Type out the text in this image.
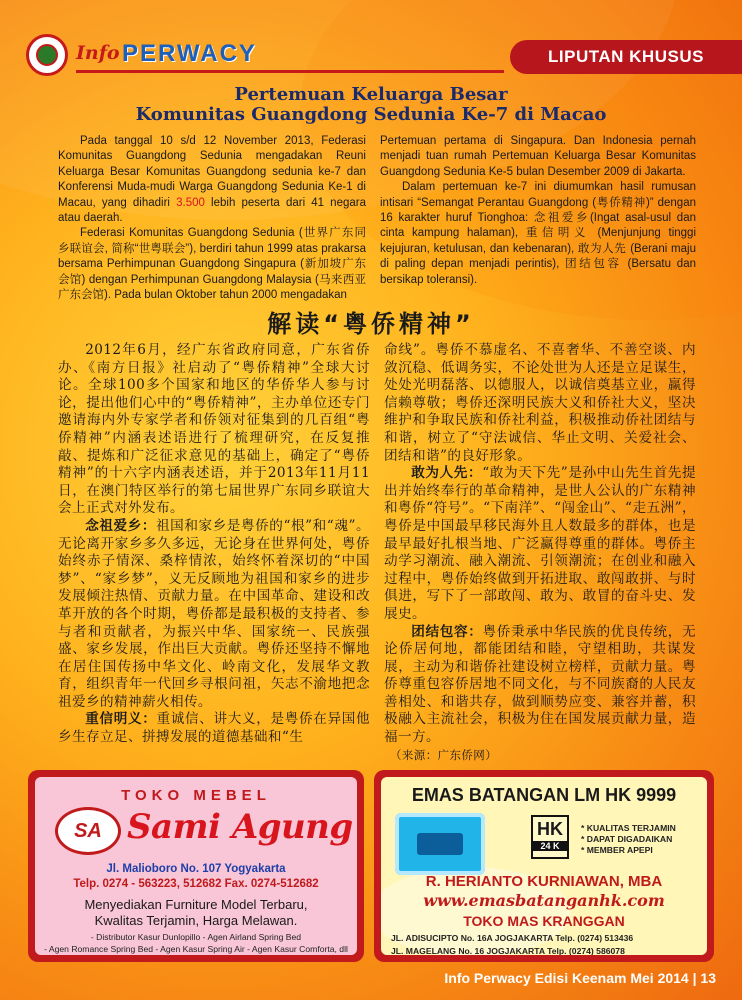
Info PERWACY	LIPUTAN KHUSUS
Pertemuan Keluarga Besar
Komunitas Guangdong Sedunia Ke-7 di Macao

Pada tanggal 10 s/d 12 November 2013, Federasi Komunitas Guangdong Sedunia mengadakan Reuni Keluarga Besar Komunitas Guangdong sedunia ke-7 dan Konferensi Muda-mudi Warga Guangdong Sedunia Ke-1 di Macau, yang dihadiri 3.500 lebih peserta dari 41 negara atau daerah.

Federasi Komunitas Guangdong Sedunia (世界广东同乡联谊会, 简称“世粤联会”), berdiri tahun 1999 atas prakarsa bersama Perhimpunan Guangdong Singapura (新加坡广东会馆) dengan Perhimpunan Guangdong Malaysia (马来西亚广东会馆). Pada bulan Oktober tahun 2000 mengadakan

Pertemuan pertama di Singapura. Dan Indonesia pernah menjadi tuan rumah Pertemuan Keluarga Besar Komunitas Guangdong Sedunia Ke-5 bulan Desember 2009 di Jakarta.

Dalam pertemuan ke-7 ini diumumkan hasil rumusan intisari “Semangat Perantau Guangdong (粤侨精神)” dengan 16 karakter huruf Tionghoa: 念祖爱乡(Ingat asal-usul dan cinta kampung halaman), 重信明义 (Menjunjung tinggi kejujuran, ketulusan, dan kebenaran), 敢为人先 (Berani maju di paling depan menjadi perintis), 团结包容 (Bersatu dan bersikap toleransi).

解读“粤侨精神”

2012年6月，经广东省政府同意，广东省侨办、《南方日报》社启动了“粤侨精神”全球大讨论。全球100多个国家和地区的华侨华人参与讨论，提出他们心中的“粤侨精神”，主办单位还专门邀请海内外专家学者和侨领对征集到的几百组“粤侨精神”内涵表述语进行了梳理研究，在反复推敲、提炼和广泛征求意见的基础上，确定了“粤侨精神”的十六字内涵表述语，并于2013年11月11日，在澳门特区举行的第七届世界广东同乡联谊大会上正式对外发布。

念祖爱乡：祖国和家乡是粤侨的“根”和“魂”。无论离开家乡多久多远，无论身在世界何处，粤侨始终赤子情深、桑梓情浓，始终怀着深切的“中国梦”、“家乡梦”，义无反顾地为祖国和家乡的进步发展倾注热情、贡献力量。在中国革命、建设和改革开放的各个时期，粤侨都是最积极的支持者、参与者和贡献者，为振兴中华、国家统一、民族强盛、家乡发展，作出巨大贡献。粤侨还坚持不懈地在居住国传扬中华文化、岭南文化，发展华文教育，组织青年一代回乡寻根问祖，矢志不渝地把念祖爱乡的精神薪火相传。

重信明义：重诚信、讲大义，是粤侨在异国他乡生存立足、拼搏发展的道德基础和“生

命线”。粤侨不慕虚名、不喜奢华、不善空谈、内敛沉稳、低调务实，不论处世为人还是立足谋生，处处光明磊落、以德服人，以诚信奠基立业，赢得信赖尊敬；粤侨还深明民族大义和侨社大义，坚决维护和争取民族和侨社利益，积极推动侨社团结与和谐，树立了“守法诚信、华止文明、关爱社会、团结和谐”的良好形象。

敢为人先：“敢为天下先”是孙中山先生首先提出并始终奉行的革命精神，是世人公认的广东精神和粤侨“符号”。“下南洋”、“闯金山”、“走五洲”，粤侨是中国最早移民海外且人数最多的群体，也是最早最好扎根当地、广泛赢得尊重的群体。粤侨主动学习潮流、融入潮流、引领潮流；在创业和融入过程中，粤侨始终做到开拓进取、敢闯敢拼、与时俱进，写下了一部敢闯、敢为、敢冒的奋斗史、发展史。

团结包容：粤侨秉承中华民族的优良传统，无论侨居何地，都能团结和睦，守望相助，共谋发展，主动为和谐侨社建设树立榜样，贡献力量。粤侨尊重包容侨居地不同文化，与不同族裔的人民友善相处、和谐共存，做到顺势应变、兼容并蓄，积极融入主流社会，积极为住在国发展贡献力量，造福一方。

（来源：广东侨网）

TOKO MEBEL
SA Sami Agung
Jl. Malioboro No. 107 Yogyakarta
Telp. 0274 - 563223, 512682 Fax. 0274-512682
Menyediakan Furniture Model Terbaru,
Kwalitas Terjamin, Harga Melawan.
- Distributor Kasur Dunlopillo - Agen Airland Spring Bed
- Agen Romance Spring Bed - Agen Kasur Spring Air - Agen Kasur Comforta, dll
EMAS BATANGAN LM HK 9999
HK
24 K
* KUALITAS TERJAMIN
* DAPAT DIGADAIKAN
* MEMBER APEPI
R. HERIANTO KURNIAWAN, MBA
www.emasbatanganhk.com
TOKO MAS KRANGGAN
JL. ADISUCIPTO No. 16A JOGJAKARTA Telp. (0274) 513436
JL. MAGELANG No. 16 JOGJAKARTA Telp. (0274) 586078
Info Perwacy Edisi Keenam Mei 2014 | 13
